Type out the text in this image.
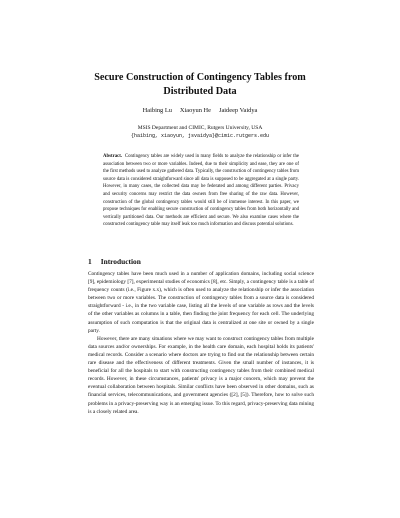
Secure Construction of Contingency Tables from
Distributed Data
Haibing Lu     Xiaoyun He     Jaideep Vaidya
MSIS Department and CIMIC, Rutgers University, USA
{haibing, xiaoyun, jsvaidya}@cimic.rutgers.edu

Abstract. Contingency tables are widely used in many fields to analyze the relationship or infer the association between two or more variables. Indeed, due to their simplicity and ease, they are one of the first methods used to analyze gathered data. Typically, the construction of contingency tables from source data is considered straightforward since all data is supposed to be aggregated at a single party. However, in many cases, the collected data may be federated and among different parties. Privacy and security concerns may restrict the data owners from free sharing of the raw data. However, construction of the global contingency tables would still be of immense interest. In this paper, we propose techniques for enabling secure construction of contingency tables from both horizontally and vertically partitioned data. Our methods are efficient and secure. We also examine cases where the constructed contingency table may itself leak too much information and discuss potential solutions.

1 Introduction

Contingency tables have been much used in a number of application domains, including social science [9], epidemiology [7], experimental studies of economics [8], etc. Simply, a contingency table is a table of frequency counts (i.e., Figure x.x), which is often used to analyze the relationship or infer the association between two or more variables. The construction of contingency tables from a source data is considered straightforward - i.e., in the two variable case, listing all the levels of one variable as rows and the levels of the other variables as columns in a table, then finding the joint frequency for each cell. The underlying assumption of such computation is that the original data is centralized at one site or owned by a single party.

However, there are many situations where we may want to construct contingency tables from multiple data sources and/or ownerships. For example, in the health care domain, each hospital holds its patients' medical records. Consider a scenario where doctors are trying to find out the relationship between certain rare disease and the effectiveness of different treatments. Given the small number of instances, it is beneficial for all the hospitals to start with constructing contingency tables from their combined medical records. However, in these circumstances, patients' privacy is a major concern, which may prevent the eventual collaboration between hospitals. Similar conflicts have been observed in other domains, such as financial services, telecommunications, and government agencies ([2], [5]). Therefore, how to solve such problems in a privacy-preserving way is an emerging issue. To this regard, privacy-preserving data mining is a closely related area.
